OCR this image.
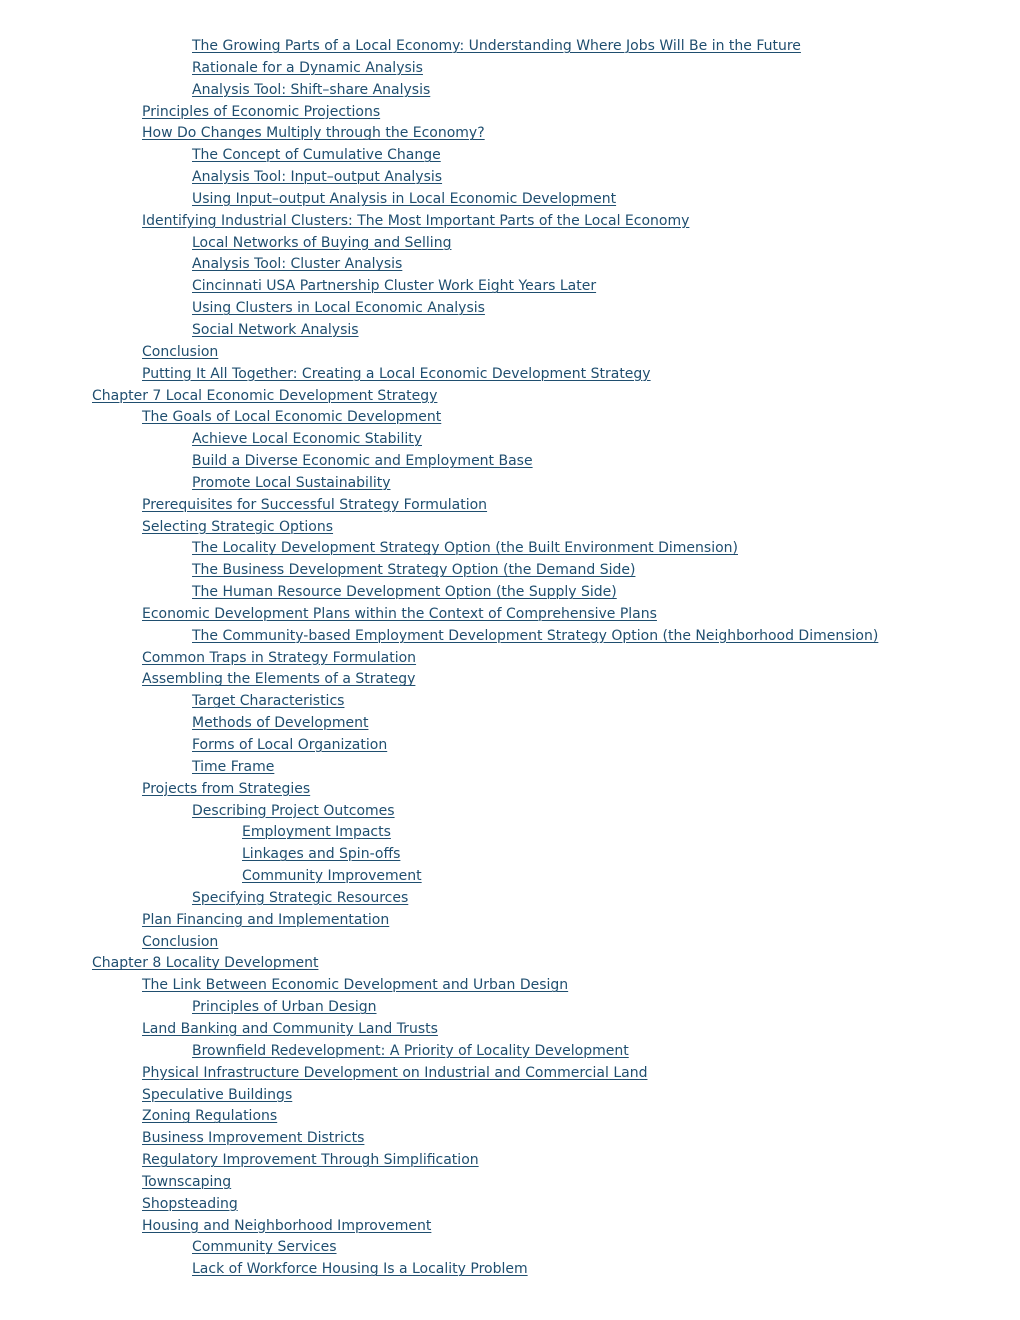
The Growing Parts of a Local Economy: Understanding Where Jobs Will Be in the Future
Rationale for a Dynamic Analysis
Analysis Tool: Shift–share Analysis
Principles of Economic Projections
How Do Changes Multiply through the Economy?
The Concept of Cumulative Change
Analysis Tool: Input–output Analysis
Using Input–output Analysis in Local Economic Development
Identifying Industrial Clusters: The Most Important Parts of the Local Economy
Local Networks of Buying and Selling
Analysis Tool: Cluster Analysis
Cincinnati USA Partnership Cluster Work Eight Years Later
Using Clusters in Local Economic Analysis
Social Network Analysis
Conclusion
Putting It All Together: Creating a Local Economic Development Strategy
Chapter 7 Local Economic Development Strategy
The Goals of Local Economic Development
Achieve Local Economic Stability
Build a Diverse Economic and Employment Base
Promote Local Sustainability
Prerequisites for Successful Strategy Formulation
Selecting Strategic Options
The Locality Development Strategy Option (the Built Environment Dimension)
The Business Development Strategy Option (the Demand Side)
The Human Resource Development Option (the Supply Side)
Economic Development Plans within the Context of Comprehensive Plans
The Community-based Employment Development Strategy Option (the Neighborhood Dimension)
Common Traps in Strategy Formulation
Assembling the Elements of a Strategy
Target Characteristics
Methods of Development
Forms of Local Organization
Time Frame
Projects from Strategies
Describing Project Outcomes
Employment Impacts
Linkages and Spin-offs
Community Improvement
Specifying Strategic Resources
Plan Financing and Implementation
Conclusion
Chapter 8 Locality Development
The Link Between Economic Development and Urban Design
Principles of Urban Design
Land Banking and Community Land Trusts
Brownfield Redevelopment: A Priority of Locality Development
Physical Infrastructure Development on Industrial and Commercial Land
Speculative Buildings
Zoning Regulations
Business Improvement Districts
Regulatory Improvement Through Simplification
Townscaping
Shopsteading
Housing and Neighborhood Improvement
Community Services
Lack of Workforce Housing Is a Locality Problem
